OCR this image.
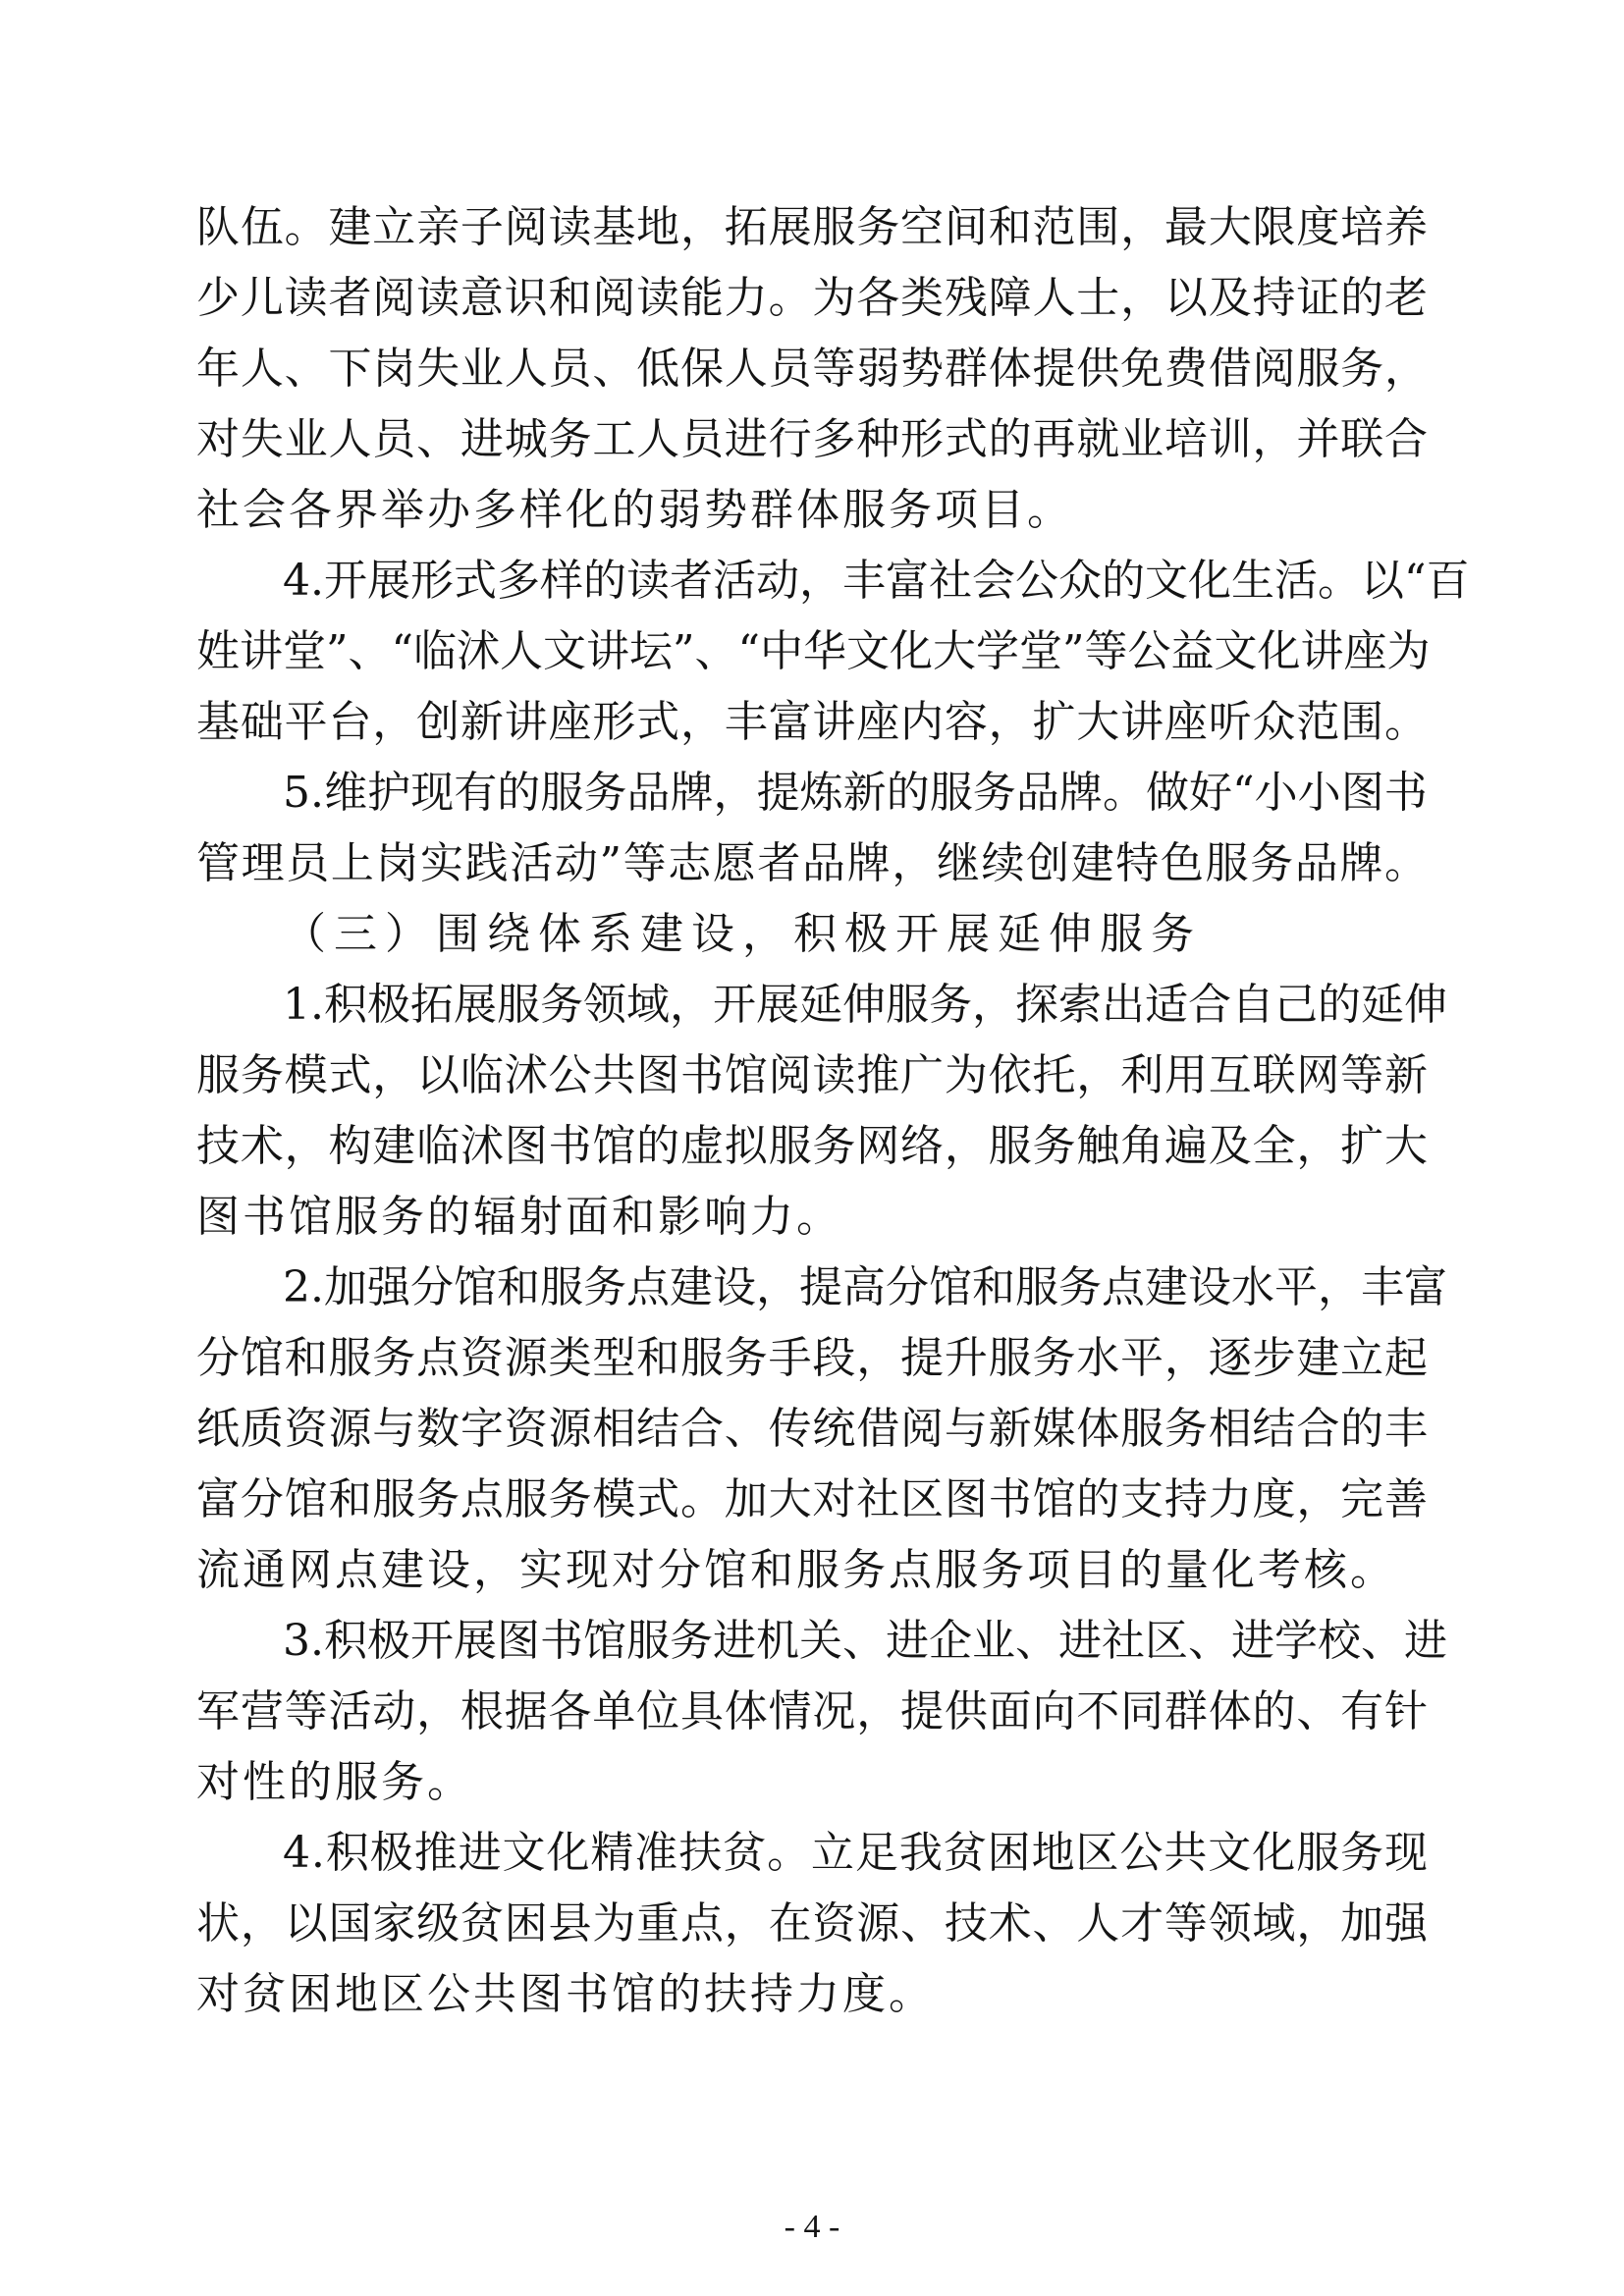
队 伍 。 建 立 亲 子 阅 读 基 地 ， 拓 展 服 务 空 间 和 范 围 ， 最 大 限 度 培 养
少 儿 读 者 阅 读 意 识 和 阅 读 能 力 。 为 各 类 残 障 人 士 ， 以 及 持 证 的 老
年 人 、 下 岗 失 业 人 员 、 低 保 人 员 等 弱 势 群 体 提 供 免 费 借 阅 服 务 ，
对 失 业 人 员 、 进 城 务 工 人 员 进 行 多 种 形 式 的 再 就 业 培 训 ， 并 联 合
社会各界举办多样化的弱势群体服务项目。
4 . 开 展 形 式 多 样 的 读 者 活 动 ， 丰 富 社 会 公 众 的 文 化 生 活 。 以 “ 百
姓 讲 堂 ” 、 “ 临 沭 人 文 讲 坛 ” 、 “ 中 华 文 化 大 学 堂 ” 等 公 益 文 化 讲 座 为
基 础 平 台 ， 创 新 讲 座 形 式 ， 丰 富 讲 座 内 容 ， 扩 大 讲 座 听 众 范 围 。
5 . 维 护 现 有 的 服 务 品 牌 ， 提 炼 新 的 服 务 品 牌 。 做 好 “ 小 小 图 书
管 理 员 上 岗 实 践 活 动 ” 等 志 愿 者 品 牌 ， 继 续 创 建 特 色 服 务 品 牌 。
（三）围绕体系建设，积极开展延伸服务
1 . 积 极 拓 展 服 务 领 域 ， 开 展 延 伸 服 务 ， 探 索 出 适 合 自 己 的 延 伸
服 务 模 式 ， 以 临 沭 公 共 图 书 馆 阅 读 推 广 为 依 托 ， 利 用 互 联 网 等 新
技 术 ， 构 建 临 沭 图 书 馆 的 虚 拟 服 务 网 络 ， 服 务 触 角 遍 及 全 ， 扩 大
图书馆服务的辐射面和影响力。
2 . 加 强 分 馆 和 服 务 点 建 设 ， 提 高 分 馆 和 服 务 点 建 设 水 平 ， 丰 富
分 馆 和 服 务 点 资 源 类 型 和 服 务 手 段 ， 提 升 服 务 水 平 ， 逐 步 建 立 起
纸 质 资 源 与 数 字 资 源 相 结 合 、 传 统 借 阅 与 新 媒 体 服 务 相 结 合 的 丰
富 分 馆 和 服 务 点 服 务 模 式 。 加 大 对 社 区 图 书 馆 的 支 持 力 度 ， 完 善
流通网点建设，实现对分馆和服务点服务项目的量化考核。
3 . 积 极 开 展 图 书 馆 服 务 进 机 关 、 进 企 业 、 进 社 区 、 进 学 校 、 进
军 营 等 活 动 ， 根 据 各 单 位 具 体 情 况 ， 提 供 面 向 不 同 群 体 的 、 有 针
对性的服务。
4 . 积 极 推 进 文 化 精 准 扶 贫 。 立 足 我 贫 困 地 区 公 共 文 化 服 务 现
状 ， 以 国 家 级 贫 困 县 为 重 点 ， 在 资 源 、 技 术 、 人 才 等 领 域 ， 加 强
对贫困地区公共图书馆的扶持力度。
- 4 -
